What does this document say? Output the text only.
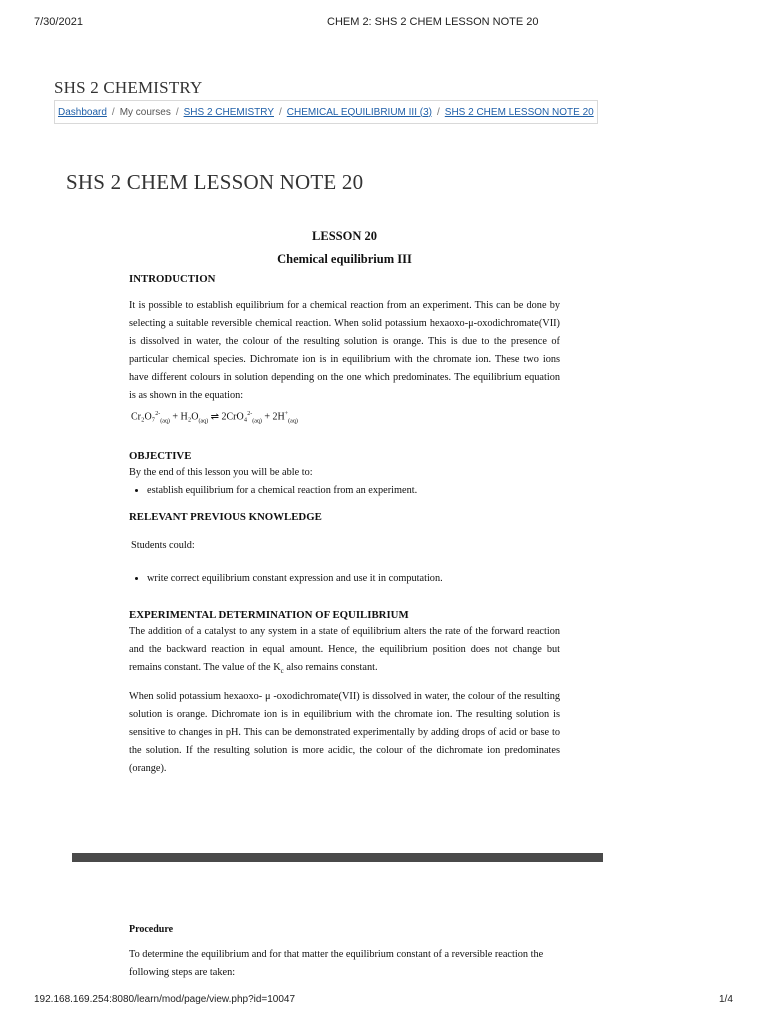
7/30/2021	CHEM 2: SHS 2 CHEM LESSON NOTE 20
SHS 2 CHEMISTRY
Dashboard / My courses / SHS 2 CHEMISTRY / CHEMICAL EQUILIBRIUM III (3) / SHS 2 CHEM LESSON NOTE 20
SHS 2 CHEM LESSON NOTE 20
LESSON 20
Chemical equilibrium III
INTRODUCTION

It is possible to establish equilibrium for a chemical reaction from an experiment. This can be done by selecting a suitable reversible chemical reaction. When solid potassium hexaoxo-μ-oxodichromate(VII) is dissolved in water, the colour of the resulting solution is orange. This is due to the presence of particular chemical species. Dichromate ion is in equilibrium with the chromate ion. These two ions have different colours in solution depending on the one which predominates. The equilibrium equation is as shown in the equation:

$Cr_2O_7^{2-}_{(aq)} + H_2O_{(aq)}$ ⇌ $2CrO_4^{2-}_{(aq)} + 2H^+_{(aq)}$
OBJECTIVE

By the end of this lesson you will be able to:

• establish equilibrium for a chemical reaction from an experiment.
RELEVANT PREVIOUS KNOWLEDGE

Students could:

• write correct equilibrium constant expression and use it in computation.
EXPERIMENTAL DETERMINATION OF EQUILIBRIUM

The addition of a catalyst to any system in a state of equilibrium alters the rate of the forward reaction and the backward reaction in equal amount. Hence, the equilibrium position does not change but remains constant. The value of the $K_c$ also remains constant.

When solid potassium hexaoxo- μ -oxodichromate(VII) is dissolved in water, the colour of the resulting solution is orange. Dichromate ion is in equilibrium with the chromate ion. The resulting solution is sensitive to changes in pH. This can be demonstrated experimentally by adding drops of acid or base to the solution. If the resulting solution is more acidic, the colour of the dichromate ion predominates (orange).

Procedure

To determine the equilibrium and for that matter the equilibrium constant of a reversible reaction the following steps are taken:

192.168.169.254:8080/learn/mod/page/view.php?id=10047	1/4
